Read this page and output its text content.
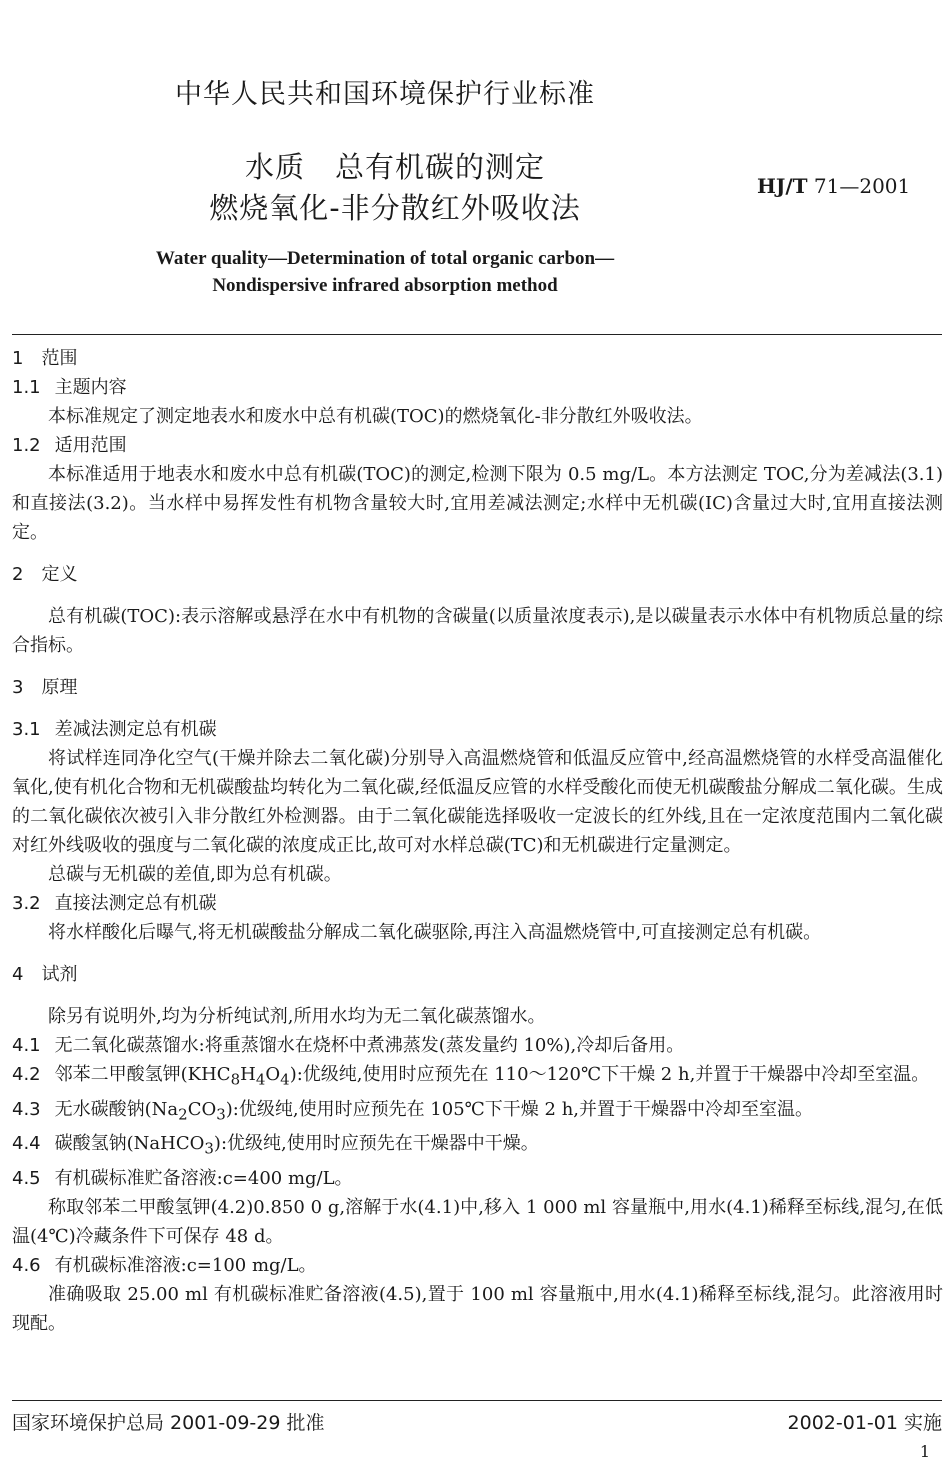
中华人民共和国环境保护行业标准
水质　总有机碳的测定
燃烧氧化-非分散红外吸收法
HJ/T 71—2001
Water quality—Determination of total organic carbon—
Nondispersive infrared absorption method

1 范围

1.1 主题内容

本标准规定了测定地表水和废水中总有机碳(TOC)的燃烧氧化-非分散红外吸收法。

1.2 适用范围

本标准适用于地表水和废水中总有机碳(TOC)的测定,检测下限为 0.5 mg/L。本方法测定 TOC,分为差减法(3.1)和直接法(3.2)。当水样中易挥发性有机物含量较大时,宜用差减法测定;水样中无机碳(IC)含量过大时,宜用直接法测定。

2 定义

总有机碳(TOC):表示溶解或悬浮在水中有机物的含碳量(以质量浓度表示),是以碳量表示水体中有机物质总量的综合指标。

3 原理

3.1 差减法测定总有机碳

将试样连同净化空气(干燥并除去二氧化碳)分别导入高温燃烧管和低温反应管中,经高温燃烧管的水样受高温催化氧化,使有机化合物和无机碳酸盐均转化为二氧化碳,经低温反应管的水样受酸化而使无机碳酸盐分解成二氧化碳。生成的二氧化碳依次被引入非分散红外检测器。由于二氧化碳能选择吸收一定波长的红外线,且在一定浓度范围内二氧化碳对红外线吸收的强度与二氧化碳的浓度成正比,故可对水样总碳(TC)和无机碳进行定量测定。

总碳与无机碳的差值,即为总有机碳。

3.2 直接法测定总有机碳

将水样酸化后曝气,将无机碳酸盐分解成二氧化碳驱除,再注入高温燃烧管中,可直接测定总有机碳。

4 试剂

除另有说明外,均为分析纯试剂,所用水均为无二氧化碳蒸馏水。

4.1 无二氧化碳蒸馏水:将重蒸馏水在烧杯中煮沸蒸发(蒸发量约 10%),冷却后备用。

4.2 邻苯二甲酸氢钾$(KHC_8H_4O_4)$:优级纯,使用时应预先在 110～120℃下干燥 2 h,并置于干燥器中冷却至室温。

4.3 无水碳酸钠$(Na_2CO_3)$:优级纯,使用时应预先在 105℃下干燥 2 h,并置于干燥器中冷却至室温。

4.4 碳酸氢钠(NaHCO$_3$):优级纯,使用时应预先在干燥器中干燥。

4.5 有机碳标准贮备溶液:c=400 mg/L。

称取邻苯二甲酸氢钾(4.2)0.850 0 g,溶解于水(4.1)中,移入 1 000 ml 容量瓶中,用水(4.1)稀释至标线,混匀,在低温(4℃)冷藏条件下可保存 48 d。

4.6 有机碳标准溶液:c=100 mg/L。

准确吸取 25.00 ml 有机碳标准贮备溶液(4.5),置于 100 ml 容量瓶中,用水(4.1)稀释至标线,混匀。此溶液用时现配。

国家环境保护总局 2001-09-29 批准	2002-01-01 实施
1
